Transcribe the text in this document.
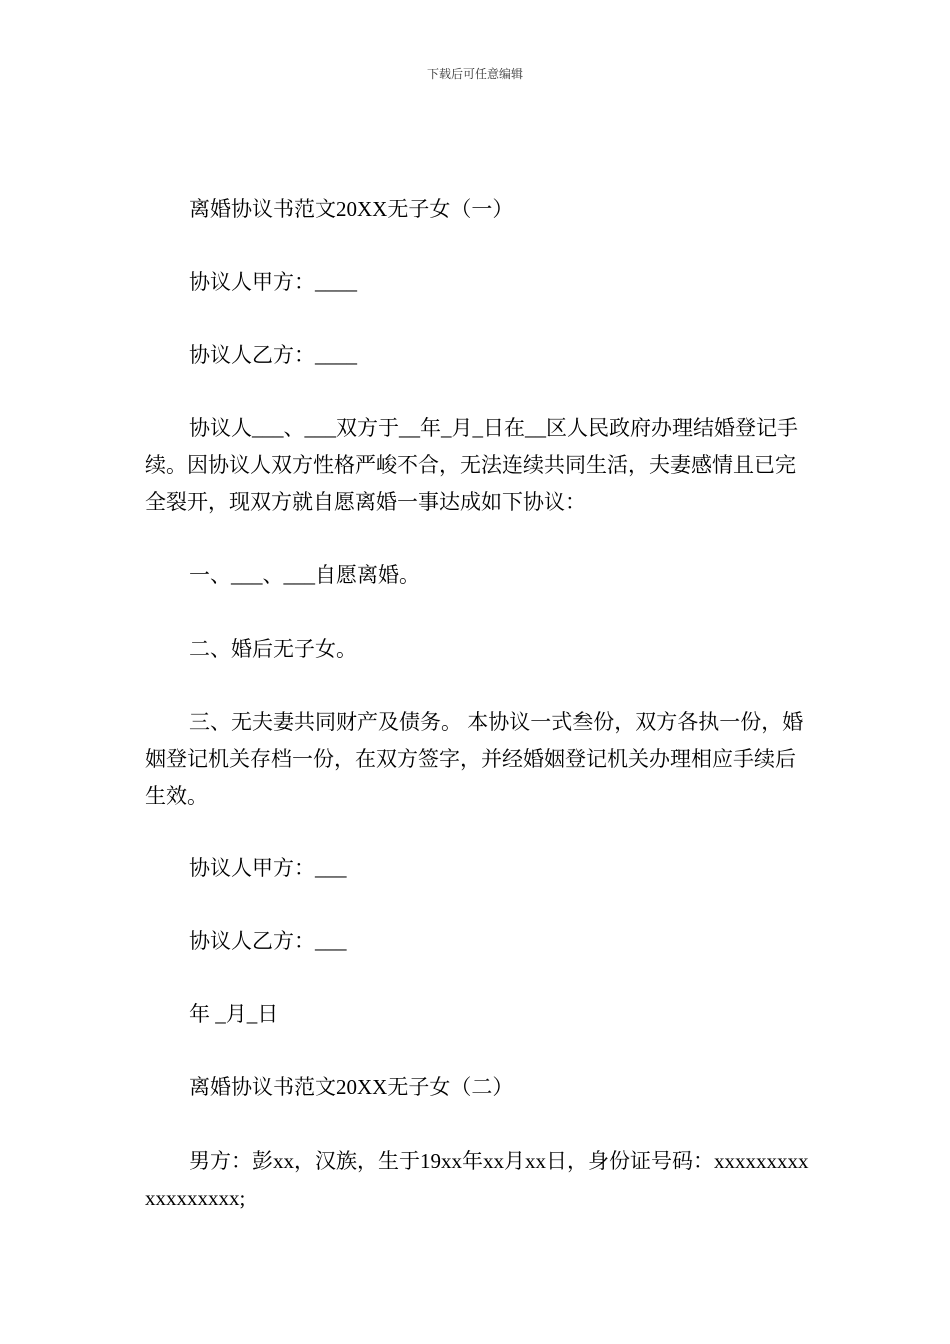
下载后可任意编辑
离婚协议书范文20XX无子女（一）
协议人甲方：____
协议人乙方：____
协议人___、___双方于__年_月_日在__区人民政府办理结婚登记手续。因协议人双方性格严峻不合，无法连续共同生活，夫妻感情且已完全裂开，现双方就自愿离婚一事达成如下协议：
一、___、___自愿离婚。
二、婚后无子女。
三、无夫妻共同财产及债务。 本协议一式叁份，双方各执一份，婚姻登记机关存档一份，在双方签字，并经婚姻登记机关办理相应手续后生效。
协议人甲方：___
协议人乙方：___
年 _月_日
离婚协议书范文20XX无子女（二）
男方：彭xx，汉族，生于19xx年xx月xx日，身份证号码：xxxxxxxxxxxxxxxxxx;
